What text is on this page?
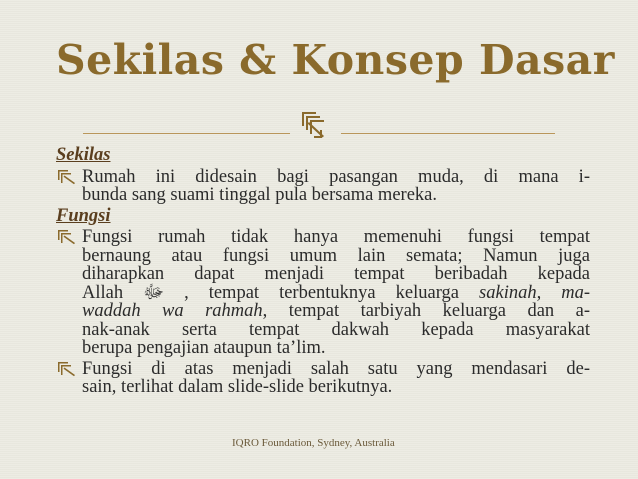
Sekilas & Konsep Dasar
Sekilas
Rumah ini didesain bagi pasangan muda, di mana i-
bunda sang suami tinggal pula bersama mereka.
Fungsi
Fungsi rumah tidak hanya memenuhi fungsi tempat
bernaung atau fungsi umum lain semata; Namun juga
diharapkan dapat menjadi tempat beribadah kepada
Allah ﷻ , tempat terbentuknya keluarga sakinah, ma-
waddah wa rahmah, tempat tarbiyah keluarga dan a-
nak-anak serta tempat dakwah kepada masyarakat
berupa pengajian ataupun ta’lim.
Fungsi di atas menjadi salah satu yang mendasari de-
sain, terlihat dalam slide-slide berikutnya.
IQRO Foundation, Sydney, Australia
